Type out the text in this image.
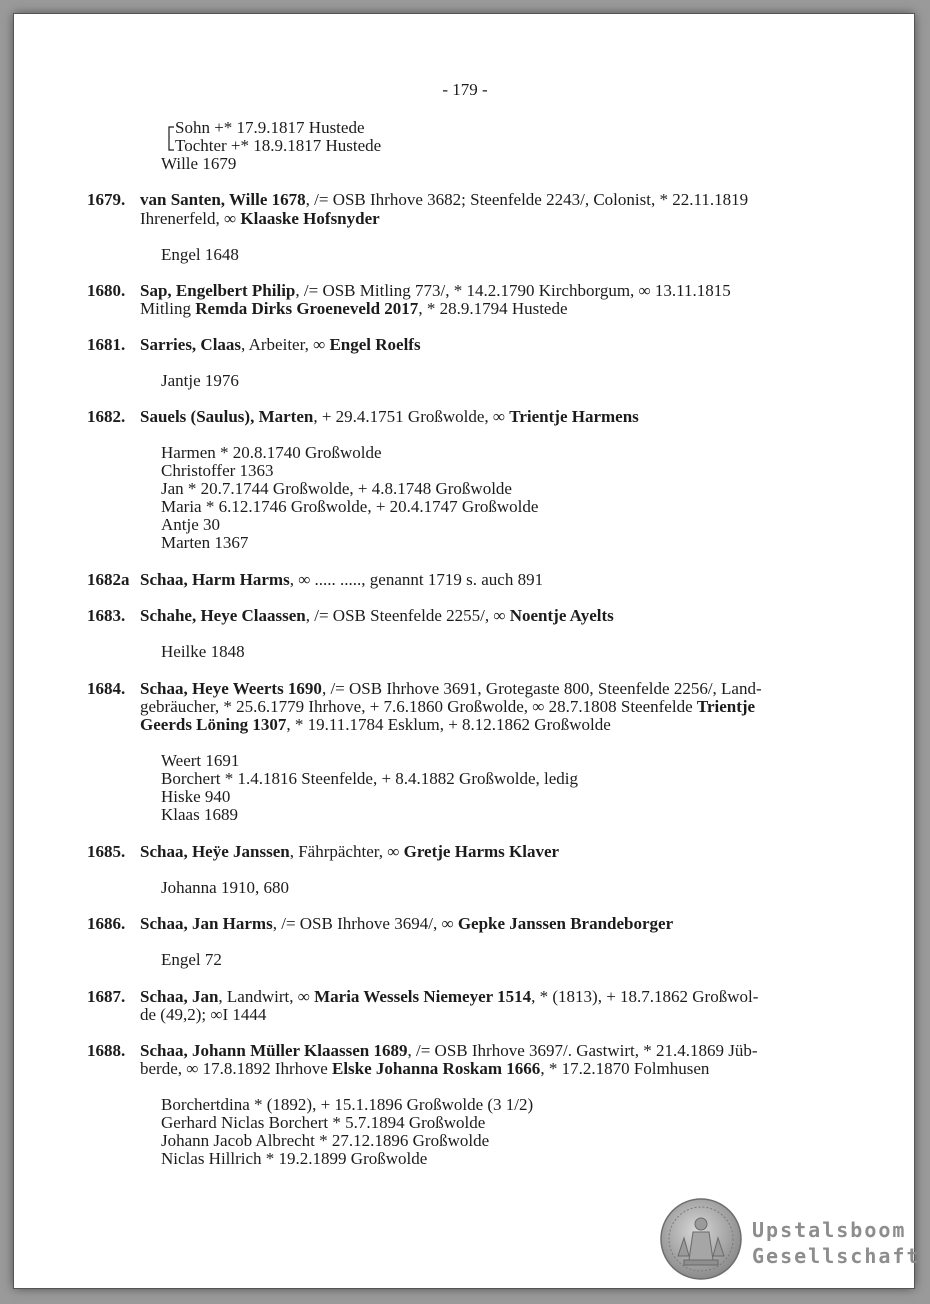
- 179 -
Sohn +* 17.9.1817 Hustede
Tochter +* 18.9.1817 Hustede
Wille 1679
1679. van Santen, Wille 1678, /= OSB Ihrhove 3682; Steenfelde 2243/, Colonist, * 22.11.1819
Ihrenerfeld, ∞ Klaaske Hofsnyder
Engel 1648
1680. Sap, Engelbert Philip, /= OSB Mitling 773/, * 14.2.1790 Kirchborgum, ∞ 13.11.1815
Mitling Remda Dirks Groeneveld 2017, * 28.9.1794 Hustede
1681. Sarries, Claas, Arbeiter, ∞ Engel Roelfs
Jantje 1976
1682. Sauels (Saulus), Marten, + 29.4.1751 Großwolde, ∞ Trientje Harmens
Harmen * 20.8.1740 Großwolde
Christoffer 1363
Jan * 20.7.1744 Großwolde, + 4.8.1748 Großwolde
Maria * 6.12.1746 Großwolde, + 20.4.1747 Großwolde
Antje 30
Marten 1367
1682a Schaa, Harm Harms, ∞ ..... ....., genannt 1719 s. auch 891
1683. Schahe, Heye Claassen, /= OSB Steenfelde 2255/, ∞ Noentje Ayelts
Heilke 1848
1684. Schaa, Heye Weerts 1690, /= OSB Ihrhove 3691, Grotegaste 800, Steenfelde 2256/, Land-
gebräucher, * 25.6.1779 Ihrhove, + 7.6.1860 Großwolde, ∞ 28.7.1808 Steenfelde Trientje
Geerds Löning 1307, * 19.11.1784 Esklum, + 8.12.1862 Großwolde
Weert 1691
Borchert * 1.4.1816 Steenfelde, + 8.4.1882 Großwolde, ledig
Hiske 940
Klaas 1689
1685. Schaa, Heÿe Janssen, Fährpächter, ∞ Gretje Harms Klaver
Johanna 1910, 680
1686. Schaa, Jan Harms, /= OSB Ihrhove 3694/, ∞ Gepke Janssen Brandeborger
Engel 72
1687. Schaa, Jan, Landwirt, ∞ Maria Wessels Niemeyer 1514, * (1813), + 18.7.1862 Großwol-
de (49,2); ∞I 1444
1688. Schaa, Johann Müller Klaassen 1689, /= OSB Ihrhove 3697/. Gastwirt, * 21.4.1869 Jüb-
berde, ∞ 17.8.1892 Ihrhove Elske Johanna Roskam 1666, * 17.2.1870 Folmhusen
Borchertdina * (1892), + 15.1.1896 Großwolde (3 1/2)
Gerhard Niclas Borchert * 5.7.1894 Großwolde
Johann Jacob Albrecht * 27.12.1896 Großwolde
Niclas Hillrich * 19.2.1899 Großwolde
Upstalsboom
Gesellschaft
